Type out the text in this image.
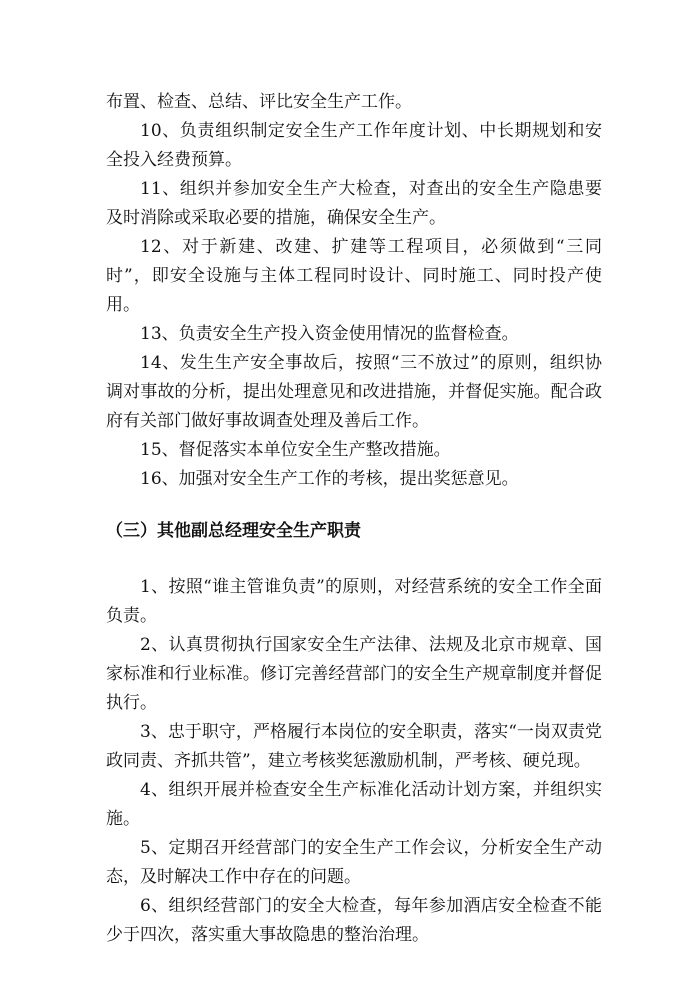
布置、检查、总结、评比安全生产工作。

10、负责组织制定安全生产工作年度计划、中长期规划和安全投入经费预算。

11、组织并参加安全生产大检查，对查出的安全生产隐患要及时消除或采取必要的措施，确保安全生产。

12、对于新建、改建、扩建等工程项目，必须做到“三同时”，即安全设施与主体工程同时设计、同时施工、同时投产使用。

13、负责安全生产投入资金使用情况的监督检查。

14、发生生产安全事故后，按照“三不放过”的原则，组织协调对事故的分析，提出处理意见和改进措施，并督促实施。配合政府有关部门做好事故调查处理及善后工作。

15、督促落实本单位安全生产整改措施。

16、加强对安全生产工作的考核，提出奖惩意见。

（三）其他副总经理安全生产职责

1、按照“谁主管谁负责”的原则，对经营系统的安全工作全面负责。

2、认真贯彻执行国家安全生产法律、法规及北京市规章、国家标准和行业标准。修订完善经营部门的安全生产规章制度并督促执行。

3、忠于职守，严格履行本岗位的安全职责，落实“一岗双责党政同责、齐抓共管”，建立考核奖惩激励机制，严考核、硬兑现。

4、组织开展并检查安全生产标准化活动计划方案，并组织实施。

5、定期召开经营部门的安全生产工作会议，分析安全生产动态，及时解决工作中存在的问题。

6、组织经营部门的安全大检查，每年参加酒店安全检查不能少于四次，落实重大事故隐患的整治治理。
